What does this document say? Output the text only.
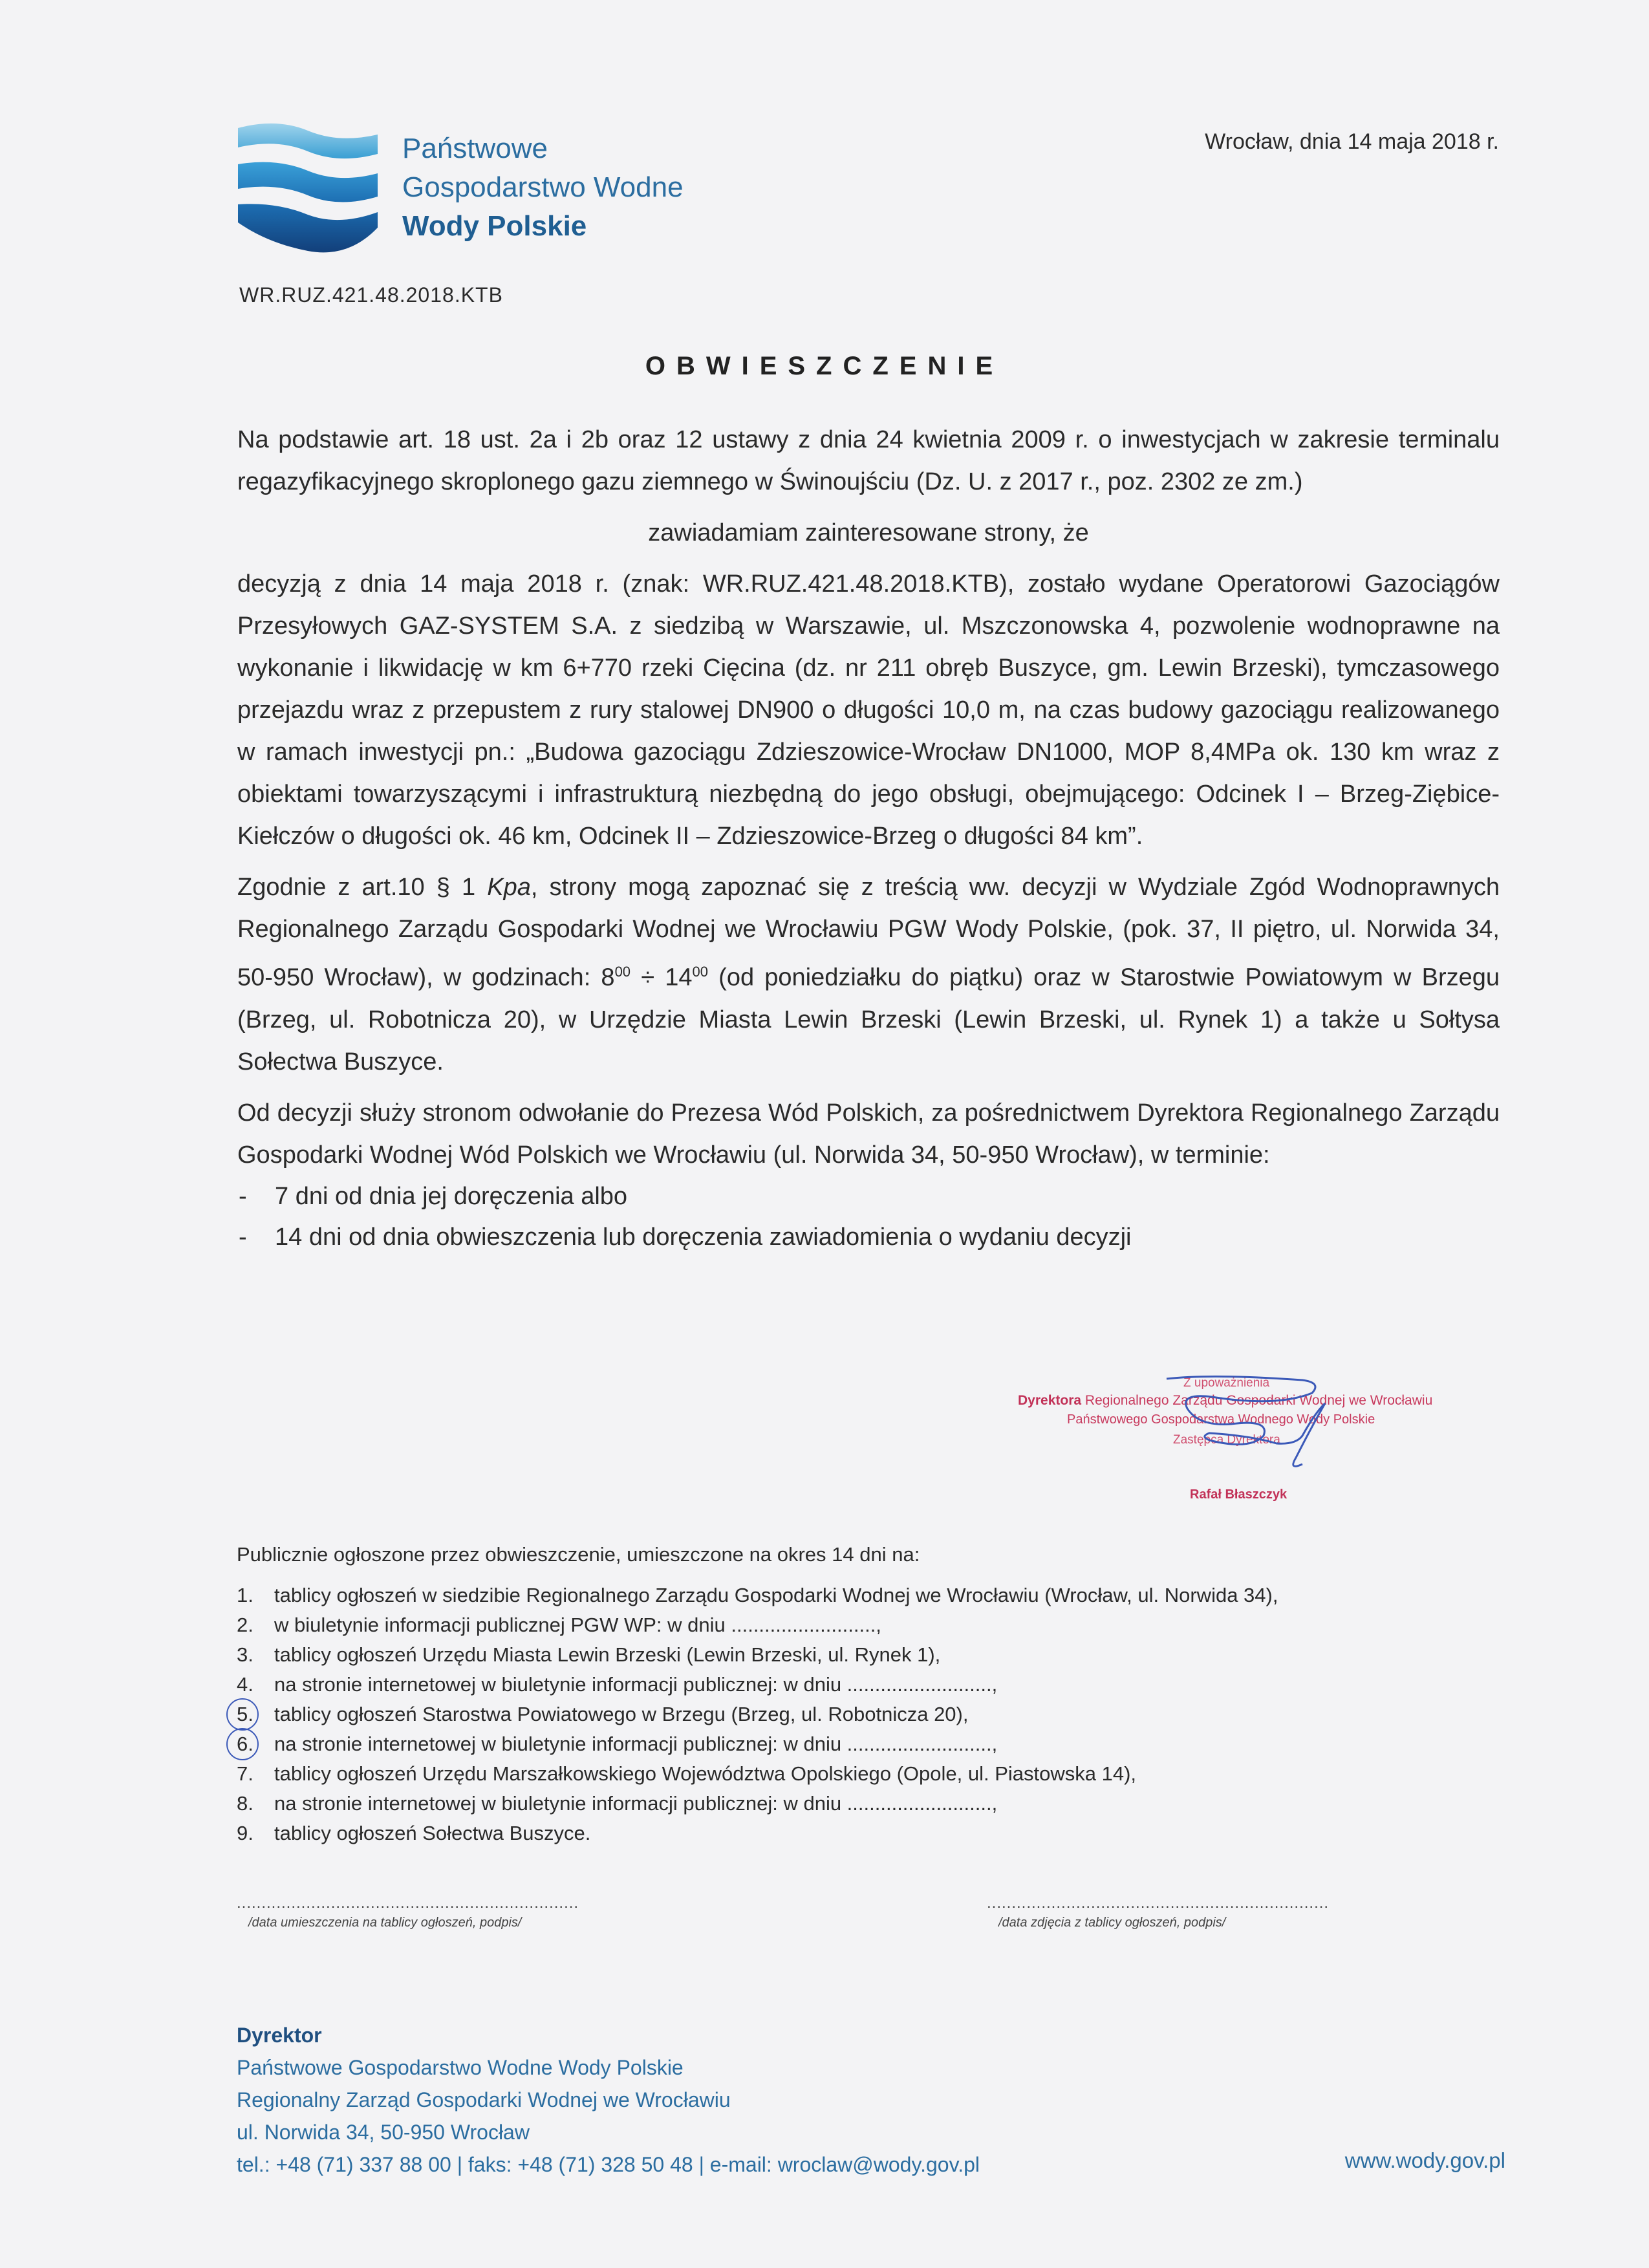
Państwowe
Gospodarstwo Wodne
Wody Polskie
Wrocław, dnia 14 maja 2018 r.
WR.RUZ.421.48.2018.KTB
OBWIESZCZENIE

Na podstawie art. 18 ust. 2a i 2b oraz 12 ustawy z dnia 24 kwietnia 2009 r. o inwestycjach w zakresie terminalu regazyfikacyjnego skroplonego gazu ziemnego w Świnoujściu (Dz. U. z 2017 r., poz. 2302 ze zm.)

zawiadamiam zainteresowane strony, że

decyzją z dnia 14 maja 2018 r. (znak: WR.RUZ.421.48.2018.KTB), zostało wydane Operatorowi Gazociągów Przesyłowych GAZ-SYSTEM S.A. z siedzibą w Warszawie, ul. Mszczonowska 4, pozwolenie wodnoprawne na wykonanie i likwidację w km 6+770 rzeki Cięcina (dz. nr 211 obręb Buszyce, gm. Lewin Brzeski), tymczasowego przejazdu wraz z przepustem z rury stalowej DN900 o długości 10,0 m, na czas budowy gazociągu realizowanego w ramach inwestycji pn.: „Budowa gazociągu Zdzieszowice-Wrocław DN1000, MOP 8,4MPa ok. 130 km wraz z obiektami towarzyszącymi i infrastrukturą niezbędną do jego obsługi, obejmującego: Odcinek I – Brzeg-Ziębice-Kiełczów o długości ok. 46 km, Odcinek II – Zdzieszowice-Brzeg o długości 84 km”.

Zgodnie z art.10 § 1 Kpa, strony mogą zapoznać się z treścią ww. decyzji w Wydziale Zgód Wodnoprawnych Regionalnego Zarządu Gospodarki Wodnej we Wrocławiu PGW Wody Polskie, (pok. 37, II piętro, ul. Norwida 34, 50-950 Wrocław), w godzinach: $8^{00} \div 14^{00}$ (od poniedziałku do piątku) oraz w Starostwie Powiatowym w Brzegu (Brzeg, ul. Robotnicza 20), w Urzędzie Miasta Lewin Brzeski (Lewin Brzeski, ul. Rynek 1) a także u Sołtysa Sołectwa Buszyce.

Od decyzji służy stronom odwołanie do Prezesa Wód Polskich, za pośrednictwem Dyrektora Regionalnego Zarządu Gospodarki Wodnej Wód Polskich we Wrocławiu (ul. Norwida 34, 50-950 Wrocław), w terminie:

- 7 dni od dnia jej doręczenia albo
- 14 dni od dnia obwieszczenia lub doręczenia zawiadomienia o wydaniu decyzji
Z upoważnienia
Dyrektora Regionalnego Zarządu Gospodarki Wodnej we Wrocławiu
Państwowego Gospodarstwa Wodnego Wody Polskie
Zastępca Dyrektora
Rafał Błaszczyk
Publicznie ogłoszone przez obwieszczenie, umieszczone na okres 14 dni na:
1. tablicy ogłoszeń w siedzibie Regionalnego Zarządu Gospodarki Wodnej we Wrocławiu (Wrocław, ul. Norwida 34),
2. w biuletynie informacji publicznej PGW WP: w dniu ..........................,
3. tablicy ogłoszeń Urzędu Miasta Lewin Brzeski (Lewin Brzeski, ul. Rynek 1),
4. na stronie internetowej w biuletynie informacji publicznej: w dniu ..........................,
5. tablicy ogłoszeń Starostwa Powiatowego w Brzegu (Brzeg, ul. Robotnicza 20),
6. na stronie internetowej w biuletynie informacji publicznej: w dniu ..........................,
7. tablicy ogłoszeń Urzędu Marszałkowskiego Województwa Opolskiego (Opole, ul. Piastowska 14),
8. na stronie internetowej w biuletynie informacji publicznej: w dniu ..........................,
9. tablicy ogłoszeń Sołectwa Buszyce.
.....................................................................
/data umieszczenia na tablicy ogłoszeń, podpis/
.....................................................................
/data zdjęcia z tablicy ogłoszeń, podpis/
Dyrektor
Państwowe Gospodarstwo Wodne Wody Polskie
Regionalny Zarząd Gospodarki Wodnej we Wrocławiu
ul. Norwida 34, 50-950 Wrocław
tel.: +48 (71) 337 88 00 | faks: +48 (71) 328 50 48 | e-mail: wroclaw@wody.gov.pl	www.wody.gov.pl
